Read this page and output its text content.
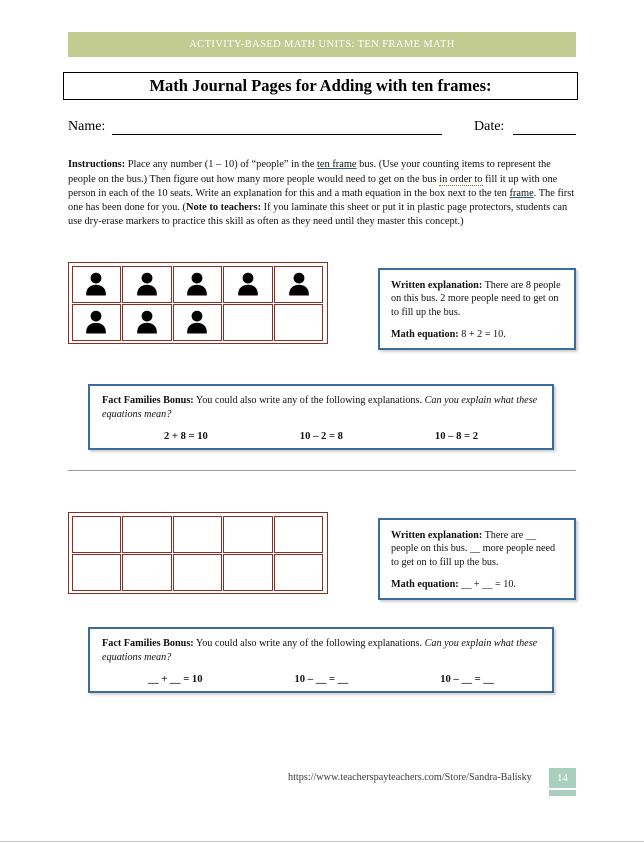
ACTIVITY-BASED MATH UNITS: TEN FRAME MATH
Math Journal Pages for Adding with ten frames:
Name:	Date:

Instructions: Place any number (1 – 10) of “people” in the ten frame bus. (Use your counting items to represent the people on the bus.) Then figure out how many more people would need to get on the bus in order to fill it up with one person in each of the 10 seats. Write an explanation for this and a math equation in the box next to the ten frame. The first one has been done for you. (Note to teachers: If you laminate this sheet or put it in plastic page protectors, students can use dry-erase markers to practice this skill as often as they need until they master this concept.)

Written explanation: There are 8 people on this bus. 2 more people need to get on to fill up the bus.

Math equation: 8 + 2 = 10.

Fact Families Bonus: You could also write any of the following explanations. Can you explain what these equations mean?

2 + 8 = 10	10 – 2 = 8	10 – 8 = 2

Written explanation: There are __ people on this bus. __ more people need to get on to fill up the bus.

Math equation: __ + __ = 10.

Fact Families Bonus: You could also write any of the following explanations. Can you explain what these equations mean?

__ + __ = 10	10 – __ = __	10 – __ = __
https://www.teacherspayteachers.com/Store/Sandra-Balisky	14
